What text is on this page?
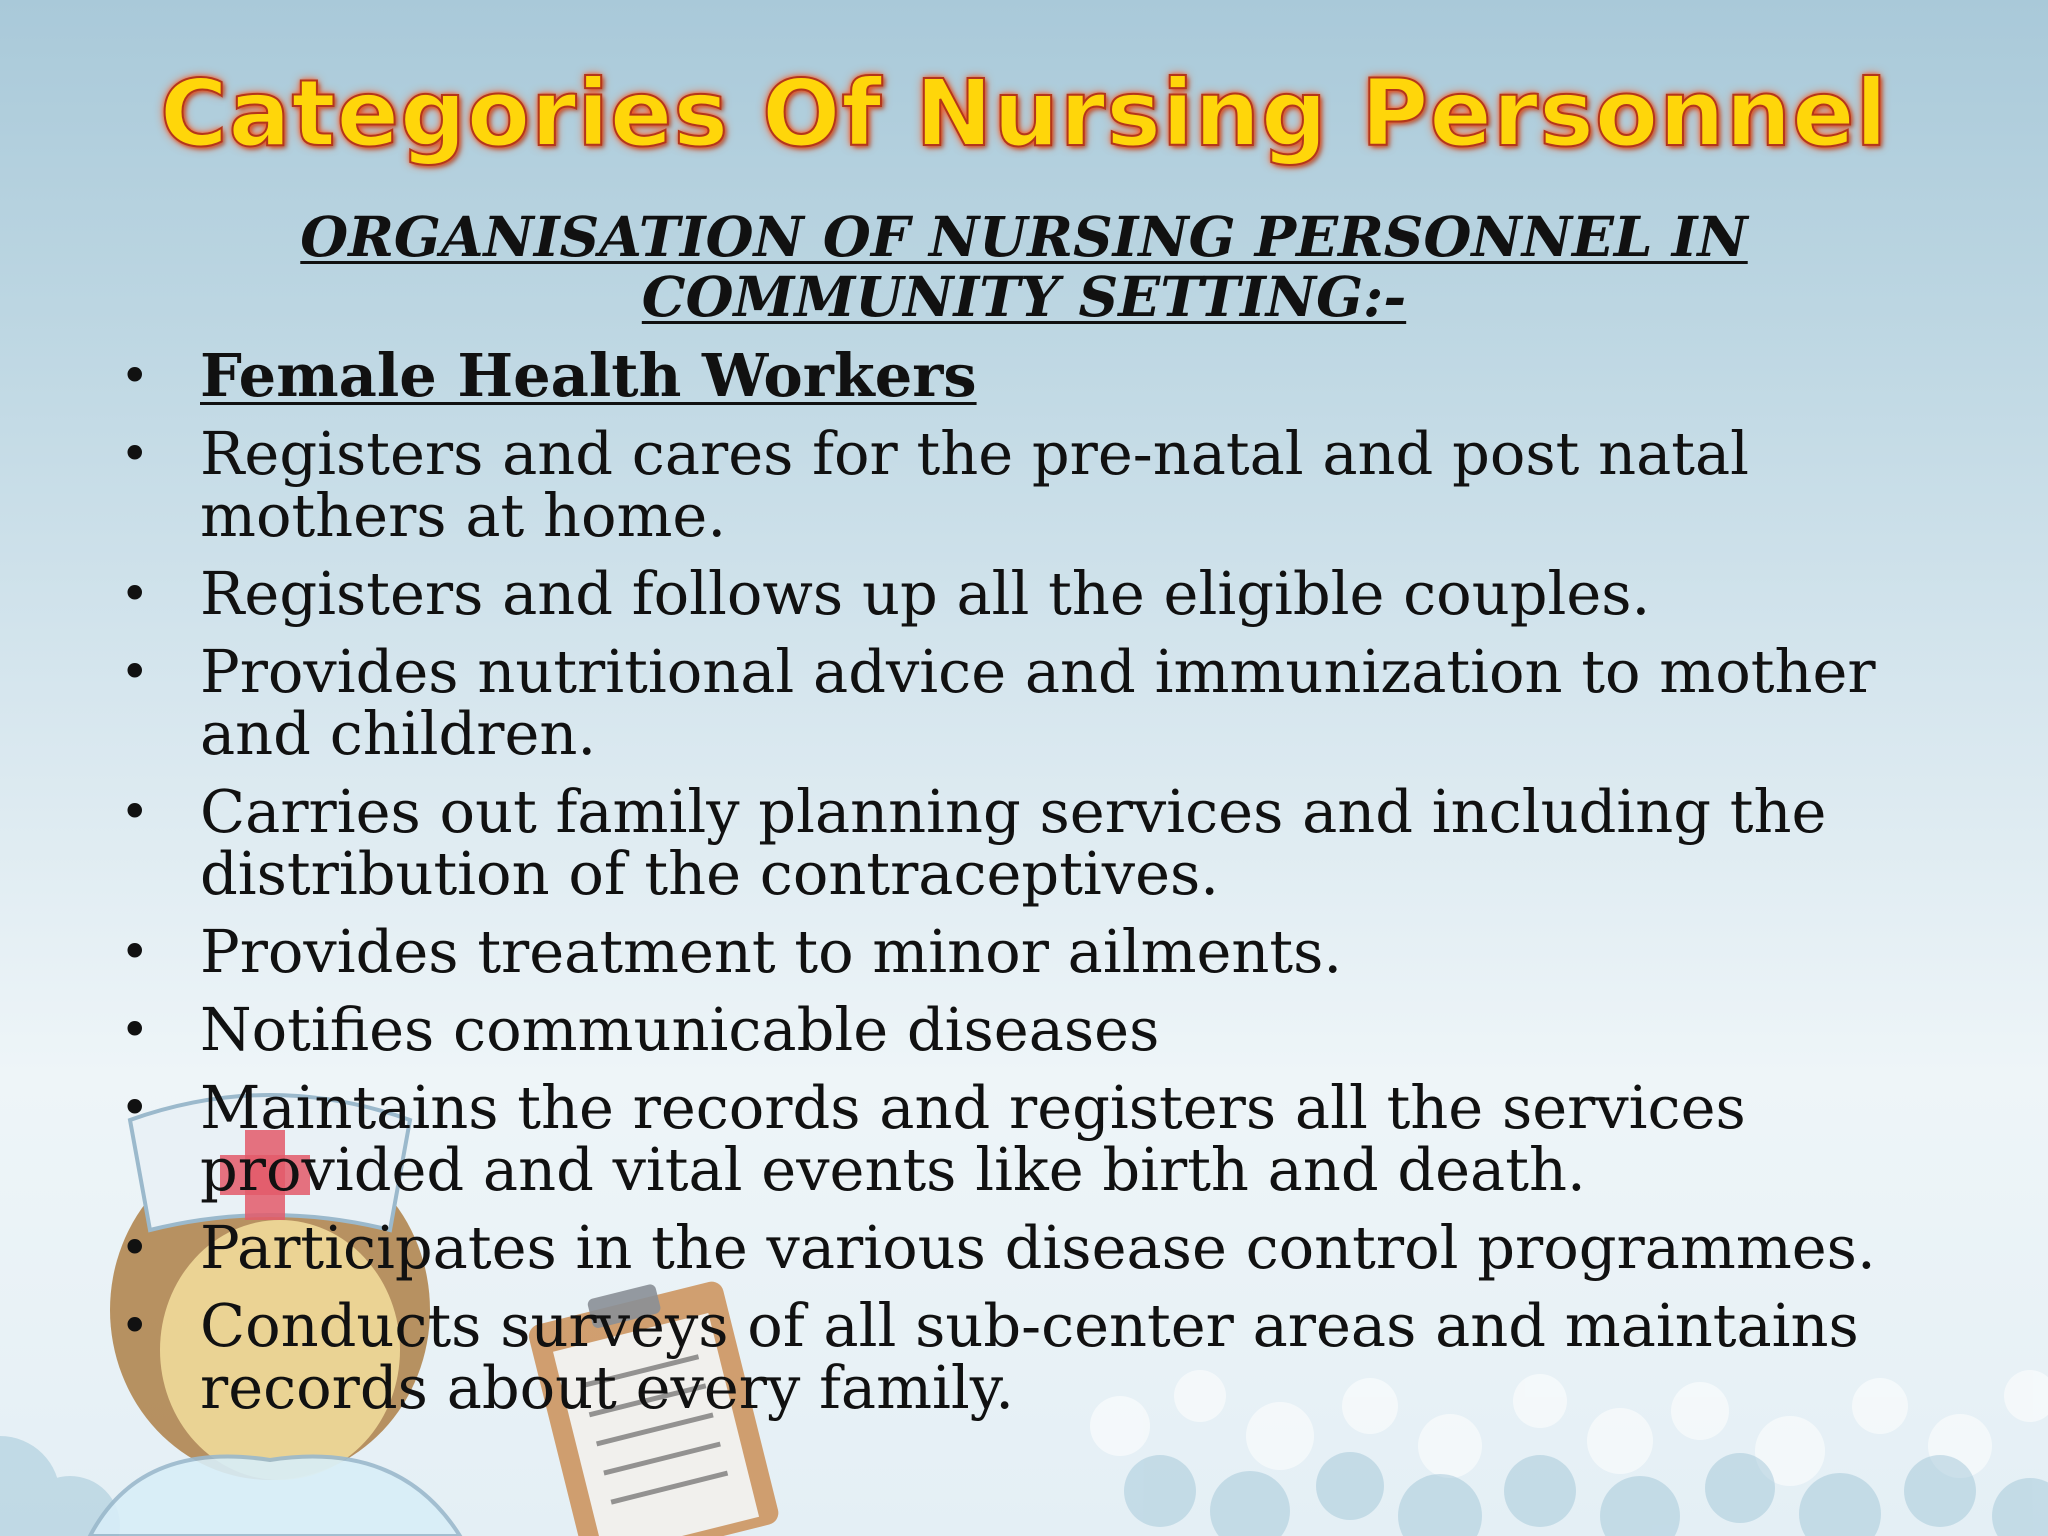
Categories Of Nursing Personnel
ORGANISATION OF NURSING PERSONNEL IN
COMMUNITY SETTING:-
• Female Health Workers
• Registers and cares for the pre-natal and post natal mothers at home.
• Registers and follows up all the eligible couples.
• Provides nutritional advice and immunization to mother and children.
• Carries out family planning services and including the distribution of the contraceptives.
• Provides treatment to minor ailments.
• Notifies communicable diseases
• Maintains the records and registers all the services provided and vital events like birth and death.
• Participates in the various disease control programmes.
• Conducts surveys of all sub-center areas and maintains records about every family.
